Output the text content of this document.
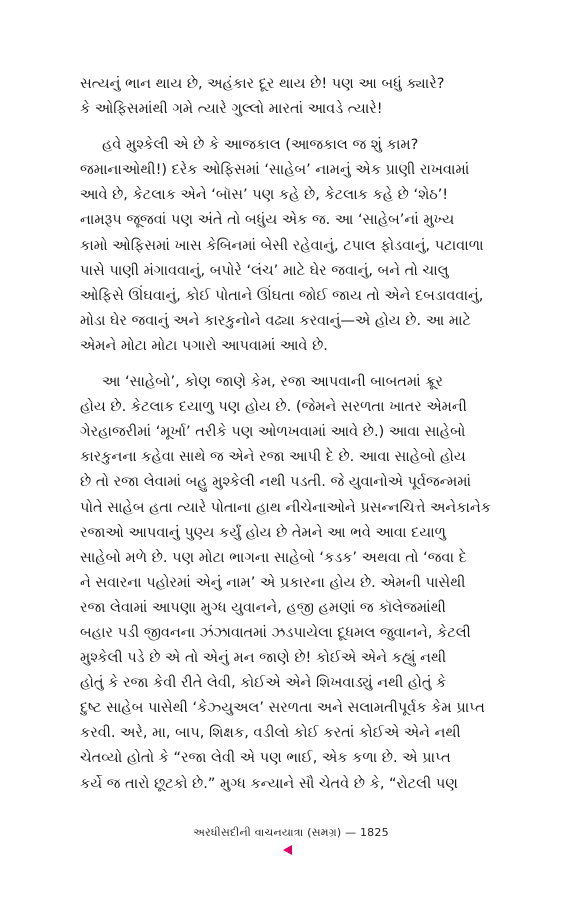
સત્યનું ભાન થાય છે, અહંકાર દૂર થાય છે! પણ આ બધું ક્યારે?

કે ઓફિસમાંથી ગમે ત્યારે ગુલ્લો મારતાં આવડે ત્યારે!

હવે મુશ્કેલી એ છે કે આજકાલ (આજકાલ જ શું કામ?

જમાનાઓથી!) દરેક ઓફિસમાં ‘સાહેબ’ નામનું એક પ્રાણી રાખવામાં

આવે છે, કેટલાક એને ‘બૉસ’ પણ કહે છે, કેટલાક કહે છે ‘શેઠ’!

નામરૂપ જૂજવાં પણ અંતે તો બધુંય એક જ. આ ‘સાહેબ’નાં મુખ્ય

કામો ઓફિસમાં ખાસ કેબિનમાં બેસી રહેવાનું, ટપાલ ફોડવાનું, પટાવાળા

પાસે પાણી મંગાવવાનું, બપોરે ‘લંચ’ માટે ઘેર જવાનું, બને તો ચાલુ

ઓફિસે ઊંઘવાનું, કોઈ પોતાને ઊંઘતા જોઈ જાય તો એને દબડાવવાનું,

મોડા ઘેર જવાનું અને કારકુનોને વઢ્યા કરવાનું—એ હોય છે. આ માટે

એમને મોટા મોટા પગારો આપવામાં આવે છે.

આ ‘સાહેબો’, કોણ જાણે કેમ, રજા આપવાની બાબતમાં ક્રૂર

હોય છે. કેટલાક દયાળુ પણ હોય છે. (જેમને સરળતા ખાતર એમની

ગેરહાજરીમાં ‘મૂર્ખા’ તરીકે પણ ઓળખવામાં આવે છે.) આવા સાહેબો

કારકુનના કહેવા સાથે જ એને રજા આપી દે છે. આવા સાહેબો હોય

છે તો રજા લેવામાં બહુ મુશ્કેલી નથી પડતી. જે યુવાનોએ પૂર્વજન્મમાં

પોતે સાહેબ હતા ત્યારે પોતાના હાથ નીચેનાઓને પ્રસન્નચિત્તે અનેકાનેક

રજાઓ આપવાનું પુણ્ય કર્યું હોય છે તેમને આ ભવે આવા દયાળુ

સાહેબો મળે છે. પણ મોટા ભાગના સાહેબો ‘કડક’ અથવા તો ‘જવા દે

ને સવારના પહોરમાં એનું નામ’ એ પ્રકારના હોય છે. એમની પાસેથી

રજા લેવામાં આપણા મુગ્ધ યુવાનને, હજી હમણાં જ કૉલેજમાંથી

બહાર પડી જીવનના ઝંઝાવાતમાં ઝડપાયેલા દૂધમલ જુવાનને, કેટલી

મુશ્કેલી પડે છે એ તો એનું મન જાણે છે! કોઈએ એને કહ્યું નથી

હોતું કે રજા કેવી રીતે લેવી, કોઈએ એને શિખવાડ્યું નથી હોતું કે

દુષ્ટ સાહેબ પાસેથી ‘કેઝ્યુઅલ’ સરળતા અને સલામતીપૂર્વક કેમ પ્રાપ્ત

કરવી. અરે, મા, બાપ, શિક્ષક, વડીલો કોઈ કરતાં કોઈએ એને નથી

ચેતવ્યો હોતો કે “રજા લેવી એ પણ ભાઈ, એક કળા છે. એ પ્રાપ્ત

કર્યે જ તારો છૂટકો છે.” મુગ્ધ કન્યાને સૌ ચેતવે છે કે, “રોટલી પણ

અરધીસદીની વાચનયાત્રા (સમગ્ર) — 1825
